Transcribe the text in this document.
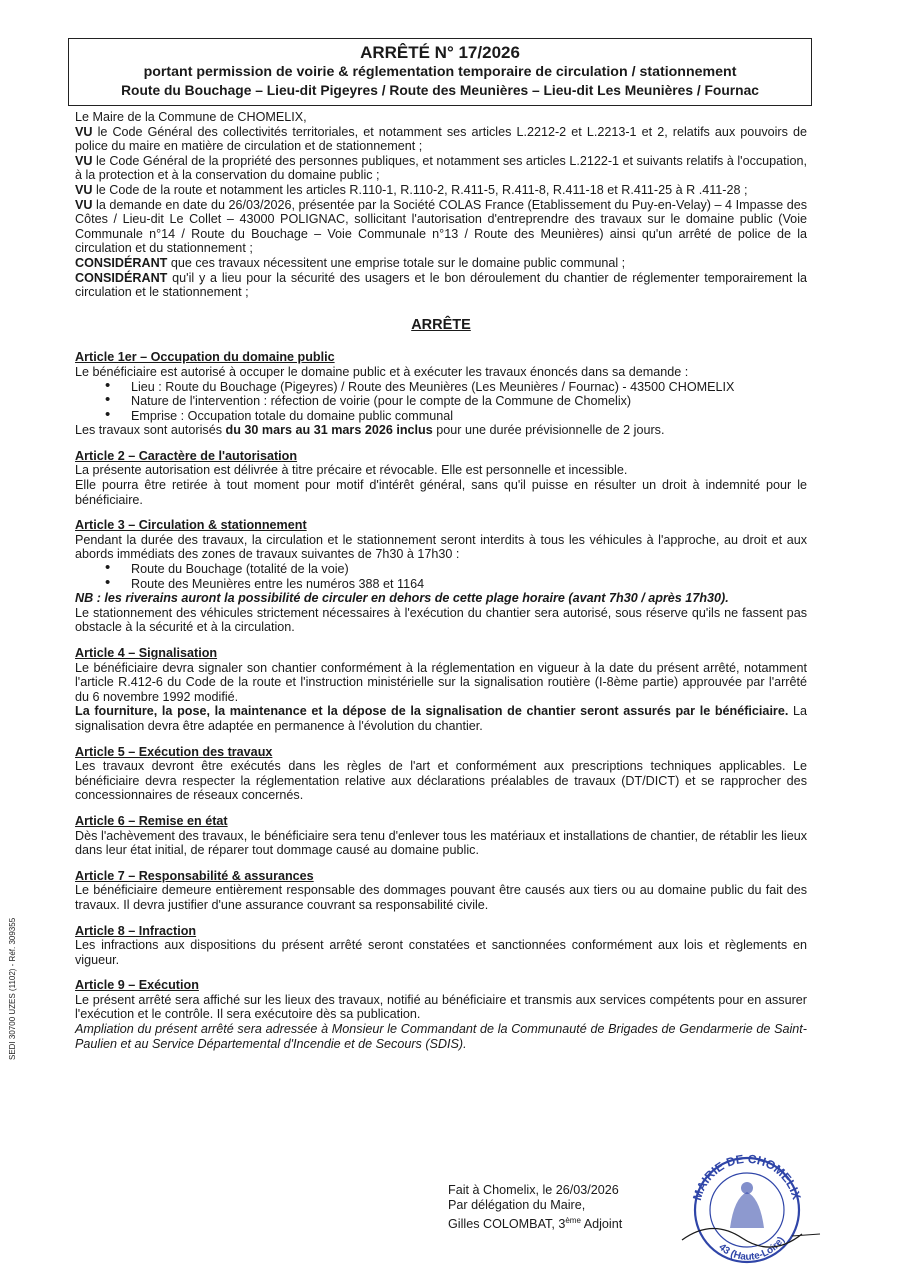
ARRÊTÉ N° 17/2026
portant permission de voirie & réglementation temporaire de circulation / stationnement
Route du Bouchage – Lieu-dit Pigeyres / Route des Meunières – Lieu-dit Les Meunières / Fournac

Le Maire de la Commune de CHOMELIX,

VU le Code Général des collectivités territoriales, et notamment ses articles L.2212-2 et L.2213-1 et 2, relatifs aux pouvoirs de police du maire en matière de circulation et de stationnement ;

VU le Code Général de la propriété des personnes publiques, et notamment ses articles L.2122-1 et suivants relatifs à l'occupation, à la protection et à la conservation du domaine public ;

VU le Code de la route et notamment les articles R.110-1, R.110-2, R.411-5, R.411-8, R.411-18 et R.411-25 à R .411-28 ;

VU la demande en date du 26/03/2026, présentée par la Société COLAS France (Etablissement du Puy-en-Velay) – 4 Impasse des Côtes / Lieu-dit Le Collet – 43000 POLIGNAC, sollicitant l'autorisation d'entreprendre des travaux sur le domaine public (Voie Communale n°14 / Route du Bouchage – Voie Communale n°13 / Route des Meunières) ainsi qu'un arrêté de police de la circulation et du stationnement ;

CONSIDÉRANT que ces travaux nécessitent une emprise totale sur le domaine public communal ;

CONSIDÉRANT qu'il y a lieu pour la sécurité des usagers et le bon déroulement du chantier de réglementer temporairement la circulation et le stationnement ;

ARRÊTE

Article 1er – Occupation du domaine public

Le bénéficiaire est autorisé à occuper le domaine public et à exécuter les travaux énoncés dans sa demande :

• Lieu : Route du Bouchage (Pigeyres) / Route des Meunières (Les Meunières / Fournac) - 43500 CHOMELIX
• Nature de l'intervention : réfection de voirie (pour le compte de la Commune de Chomelix)
• Emprise : Occupation totale du domaine public communal

Les travaux sont autorisés du 30 mars au 31 mars 2026 inclus pour une durée prévisionnelle de 2 jours.

Article 2 – Caractère de l'autorisation

La présente autorisation est délivrée à titre précaire et révocable. Elle est personnelle et incessible.

Elle pourra être retirée à tout moment pour motif d'intérêt général, sans qu'il puisse en résulter un droit à indemnité pour le bénéficiaire.

Article 3 – Circulation & stationnement

Pendant la durée des travaux, la circulation et le stationnement seront interdits à tous les véhicules à l'approche, au droit et aux abords immédiats des zones de travaux suivantes de 7h30 à 17h30 :

• Route du Bouchage (totalité de la voie)
• Route des Meunières entre les numéros 388 et 1164

NB : les riverains auront la possibilité de circuler en dehors de cette plage horaire (avant 7h30 / après 17h30).

Le stationnement des véhicules strictement nécessaires à l'exécution du chantier sera autorisé, sous réserve qu'ils ne fassent pas obstacle à la sécurité et à la circulation.

Article 4 – Signalisation

Le bénéficiaire devra signaler son chantier conformément à la réglementation en vigueur à la date du présent arrêté, notamment l'article R.412-6 du Code de la route et l'instruction ministérielle sur la signalisation routière (I-8ème partie) approuvée par l'arrêté du 6 novembre 1992 modifié.

La fourniture, la pose, la maintenance et la dépose de la signalisation de chantier seront assurés par le bénéficiaire. La signalisation devra être adaptée en permanence à l'évolution du chantier.

Article 5 – Exécution des travaux

Les travaux devront être exécutés dans les règles de l'art et conformément aux prescriptions techniques applicables. Le bénéficiaire devra respecter la réglementation relative aux déclarations préalables de travaux (DT/DICT) et se rapprocher des concessionnaires de réseaux concernés.

Article 6 – Remise en état

Dès l'achèvement des travaux, le bénéficiaire sera tenu d'enlever tous les matériaux et installations de chantier, de rétablir les lieux dans leur état initial, de réparer tout dommage causé au domaine public.

Article 7 – Responsabilité & assurances

Le bénéficiaire demeure entièrement responsable des dommages pouvant être causés aux tiers ou au domaine public du fait des travaux. Il devra justifier d'une assurance couvrant sa responsabilité civile.

Article 8 – Infraction

Les infractions aux dispositions du présent arrêté seront constatées et sanctionnées conformément aux lois et règlements en vigueur.

Article 9 – Exécution

Le présent arrêté sera affiché sur les lieux des travaux, notifié au bénéficiaire et transmis aux services compétents pour en assurer l'exécution et le contrôle. Il sera exécutoire dès sa publication.

Ampliation du présent arrêté sera adressée à Monsieur le Commandant de la Communauté de Brigades de Gendarmerie de Saint-Paulien et au Service Départemental d'Incendie et de Secours (SDIS).

Fait à Chomelix, le 26/03/2026
Par délégation du Maire,
Gilles COLOMBAT, 3ème Adjoint
MAIRIE DE CHOMELIX
43 (Haute-Loire)
SEDI 30700 UZES (1102) - Réf. 309355
